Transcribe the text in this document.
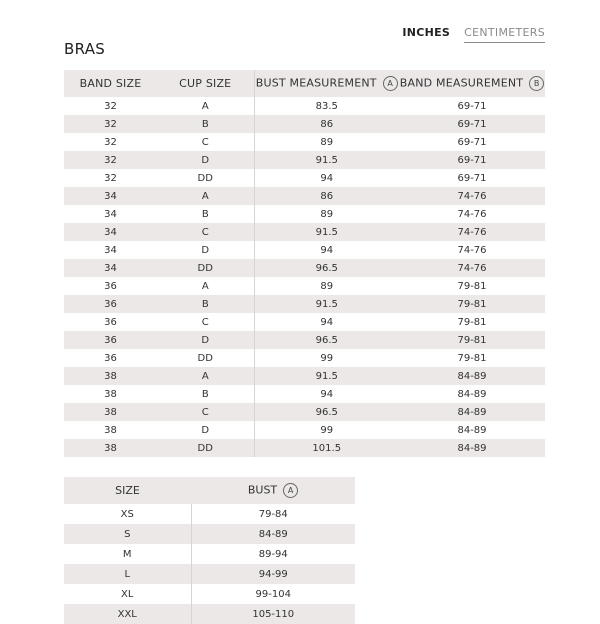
INCHES CENTIMETERS
BRAS
BAND SIZE	CUP SIZE	BUST MEASUREMENT A	BAND MEASUREMENT B
32	A	83.5	69-71
32	B	86	69-71
32	C	89	69-71
32	D	91.5	69-71
32	DD	94	69-71
34	A	86	74-76
34	B	89	74-76
34	C	91.5	74-76
34	D	94	74-76
34	DD	96.5	74-76
36	A	89	79-81
36	B	91.5	79-81
36	C	94	79-81
36	D	96.5	79-81
36	DD	99	79-81
38	A	91.5	84-89
38	B	94	84-89
38	C	96.5	84-89
38	D	99	84-89
38	DD	101.5	84-89
SIZE	BUST A
XS	79-84
S	84-89
M	89-94
L	94-99
XL	99-104
XXL	105-110
